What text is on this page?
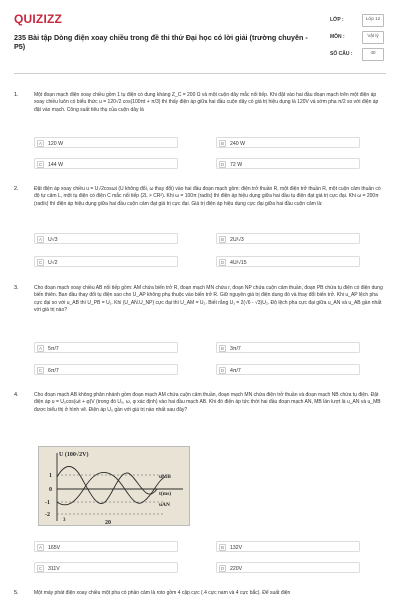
QUIZIZZ
235 Bài tập Dòng điện xoay chiều trong đề thi thử Đại học có lời giải (trường chuyên - P5)
LỚP :	Lớp 12
MÔN :	Vật lý
SỐ CÂU :	40
1.	Một đoạn mạch điện xoay chiều gồm 1 tụ điện có dung kháng Z_C = 200 Ω và một cuộn dây mắc nối tiếp. Khi đặt vào hai đầu đoạn mạch trên một điện áp xoay chiều luôn có biểu thức u = 120√2 cos(100πt + π/3) thì thấy điện áp giữa hai đầu cuộn dây có giá trị hiệu dụng là 120V và sớm pha π/2 so với điện áp đặt vào mạch. Công suất tiêu thụ của cuộn dây là
A	120 W	B	240 W
C	144 W	D	72 W
2.	Đặt điện áp xoay chiều u = U√2cosωt (U không đổi, ω thay đổi) vào hai đầu đoạn mạch gồm: điện trở thuần R, một điện trở thuần R, một cuộn cảm thuần có độ tự cảm L, một tụ điện có điện C mắc nối tiếp (2L > CR²). Khi ω = 100π (rad/s) thì điện áp hiệu dụng giữa hai đầu tụ điện đạt giá trị cực đại. Khi ω = 200π (rad/s) thì điện áp hiệu dụng giữa hai đầu cuộn cảm đạt giá trị cực đại. Giá trị điện áp hiệu dụng cực đại giữa hai đầu cuộn cảm là:
A	U√3	B	2U/√3
C	U√2	D	4U/√15
3.	Cho đoạn mạch xoay chiều AB nối tiếp gồm: AM chứa biến trở R, đoạn mạch MN chứa r, đoạn NP chứa cuộn cảm thuần, đoạn PB chứa tụ điện có điện dung biến thiên. Ban đầu thay đổi tụ điện sao cho U_AP không phụ thuộc vào biến trở R. Giữ nguyên giá trị điện dung đó và thay đổi biến trở. Khi u_AP lệch pha cực đại so với u_AB thì U_PB = U₁. Khi (U_AN.U_NP) cực đại thì U_AM = U₂. Biết rằng U₁ = 2(√6 - √3)U₂. Độ lệch pha cực đại giữa u_AN và u_AB gần nhất với giá trị nào?
A	5π/7	B	3π/7
C	6π/7	D	4π/7
4.	Cho đoạn mạch AB không phân nhánh gồm đoạn mạch AM chứa cuộn cảm thuần, đoạn mạch MN chứa điện trở thuần và đoạn mạch NB chứa tụ điện. Đặt điện áp u = U₀cos(ωt + φ)V (trong đó U₀, ω, φ xác định) vào hai đầu mạch AB. Khi đó điện áp tức thời hai đầu đoạn mạch AN, MB lần lượt là u_AN và u_MB được biểu thị ở hình vẽ. Điện áp U₀ gần với giá trị nào nhất sau đây?
U (100√2V)
1
0
-1
-2
uMB
uAN
t(ms)
20
3
A	165V	B	132V
C	311V	D	220V
5.	Một máy phát điện xoay chiều một pha có phần cảm là roto gồm 4 cặp cực (.4 cực nam và 4 cực bắc). Để suất điện
